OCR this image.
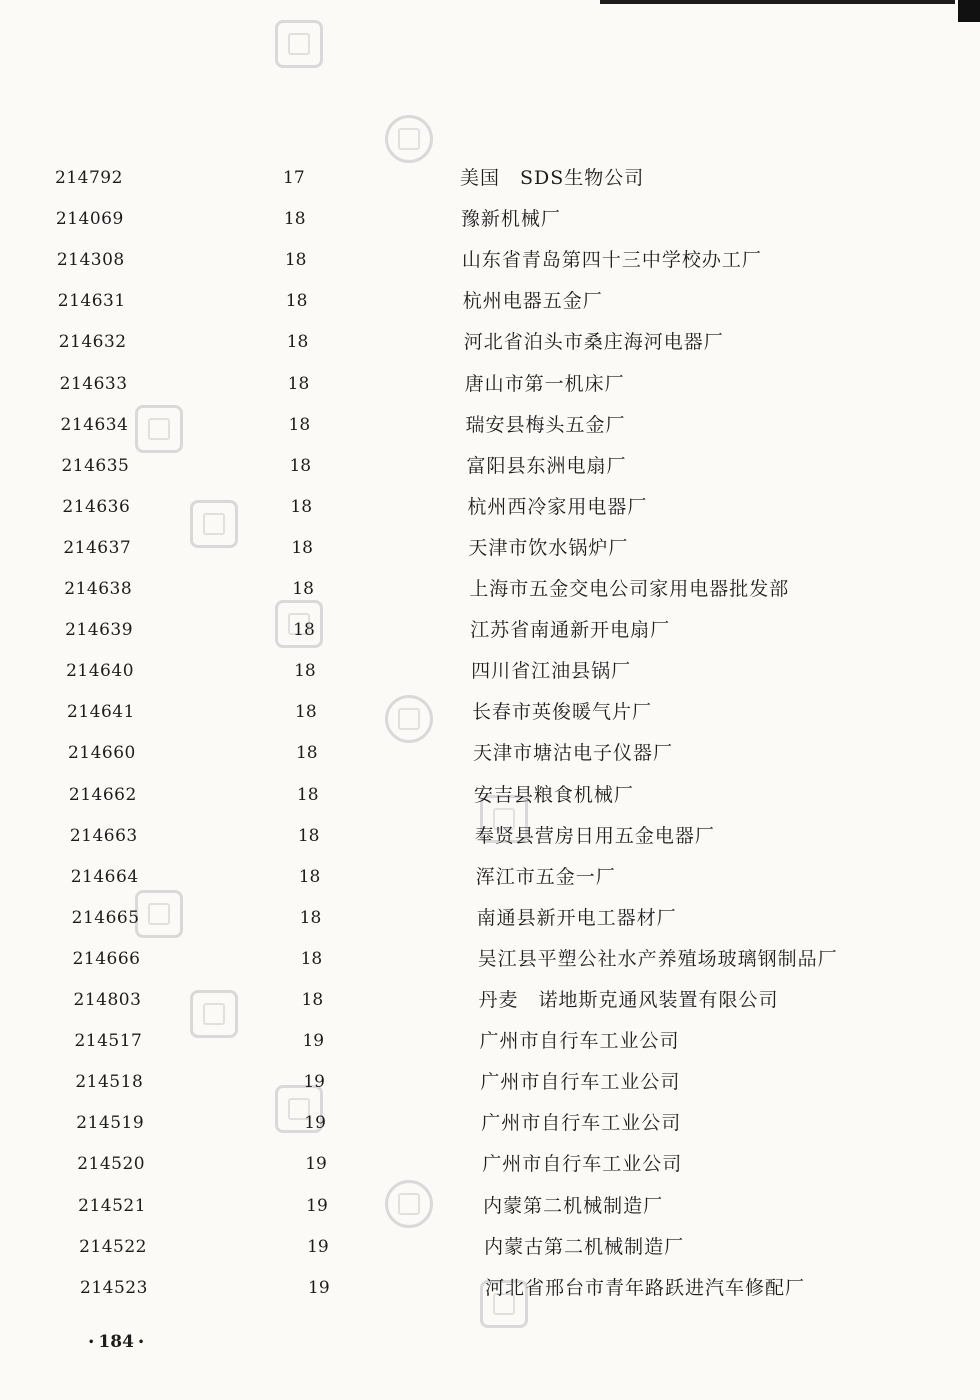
214792	17	美国　SDS生物公司
214069	18	豫新机械厂
214308	18	山东省青岛第四十三中学校办工厂
214631	18	杭州电器五金厂
214632	18	河北省泊头市桑庄海河电器厂
214633	18	唐山市第一机床厂
214634	18	瑞安县梅头五金厂
214635	18	富阳县东洲电扇厂
214636	18	杭州西冷家用电器厂
214637	18	天津市饮水锅炉厂
214638	18	上海市五金交电公司家用电器批发部
214639	18	江苏省南通新开电扇厂
214640	18	四川省江油县锅厂
214641	18	长春市英俊暖气片厂
214660	18	天津市塘沽电子仪器厂
214662	18	安吉县粮食机械厂
214663	18	奉贤县营房日用五金电器厂
214664	18	浑江市五金一厂
214665	18	南通县新开电工器材厂
214666	18	吴江县平塑公社水产养殖场玻璃钢制品厂
214803	18	丹麦　诺地斯克通风装置有限公司
214517	19	广州市自行车工业公司
214518	19	广州市自行车工业公司
214519	19	广州市自行车工业公司
214520	19	广州市自行车工业公司
214521	19	内蒙第二机械制造厂
214522	19	内蒙古第二机械制造厂
214523	19	河北省邢台市青年路跃进汽车修配厂
• 184 •
